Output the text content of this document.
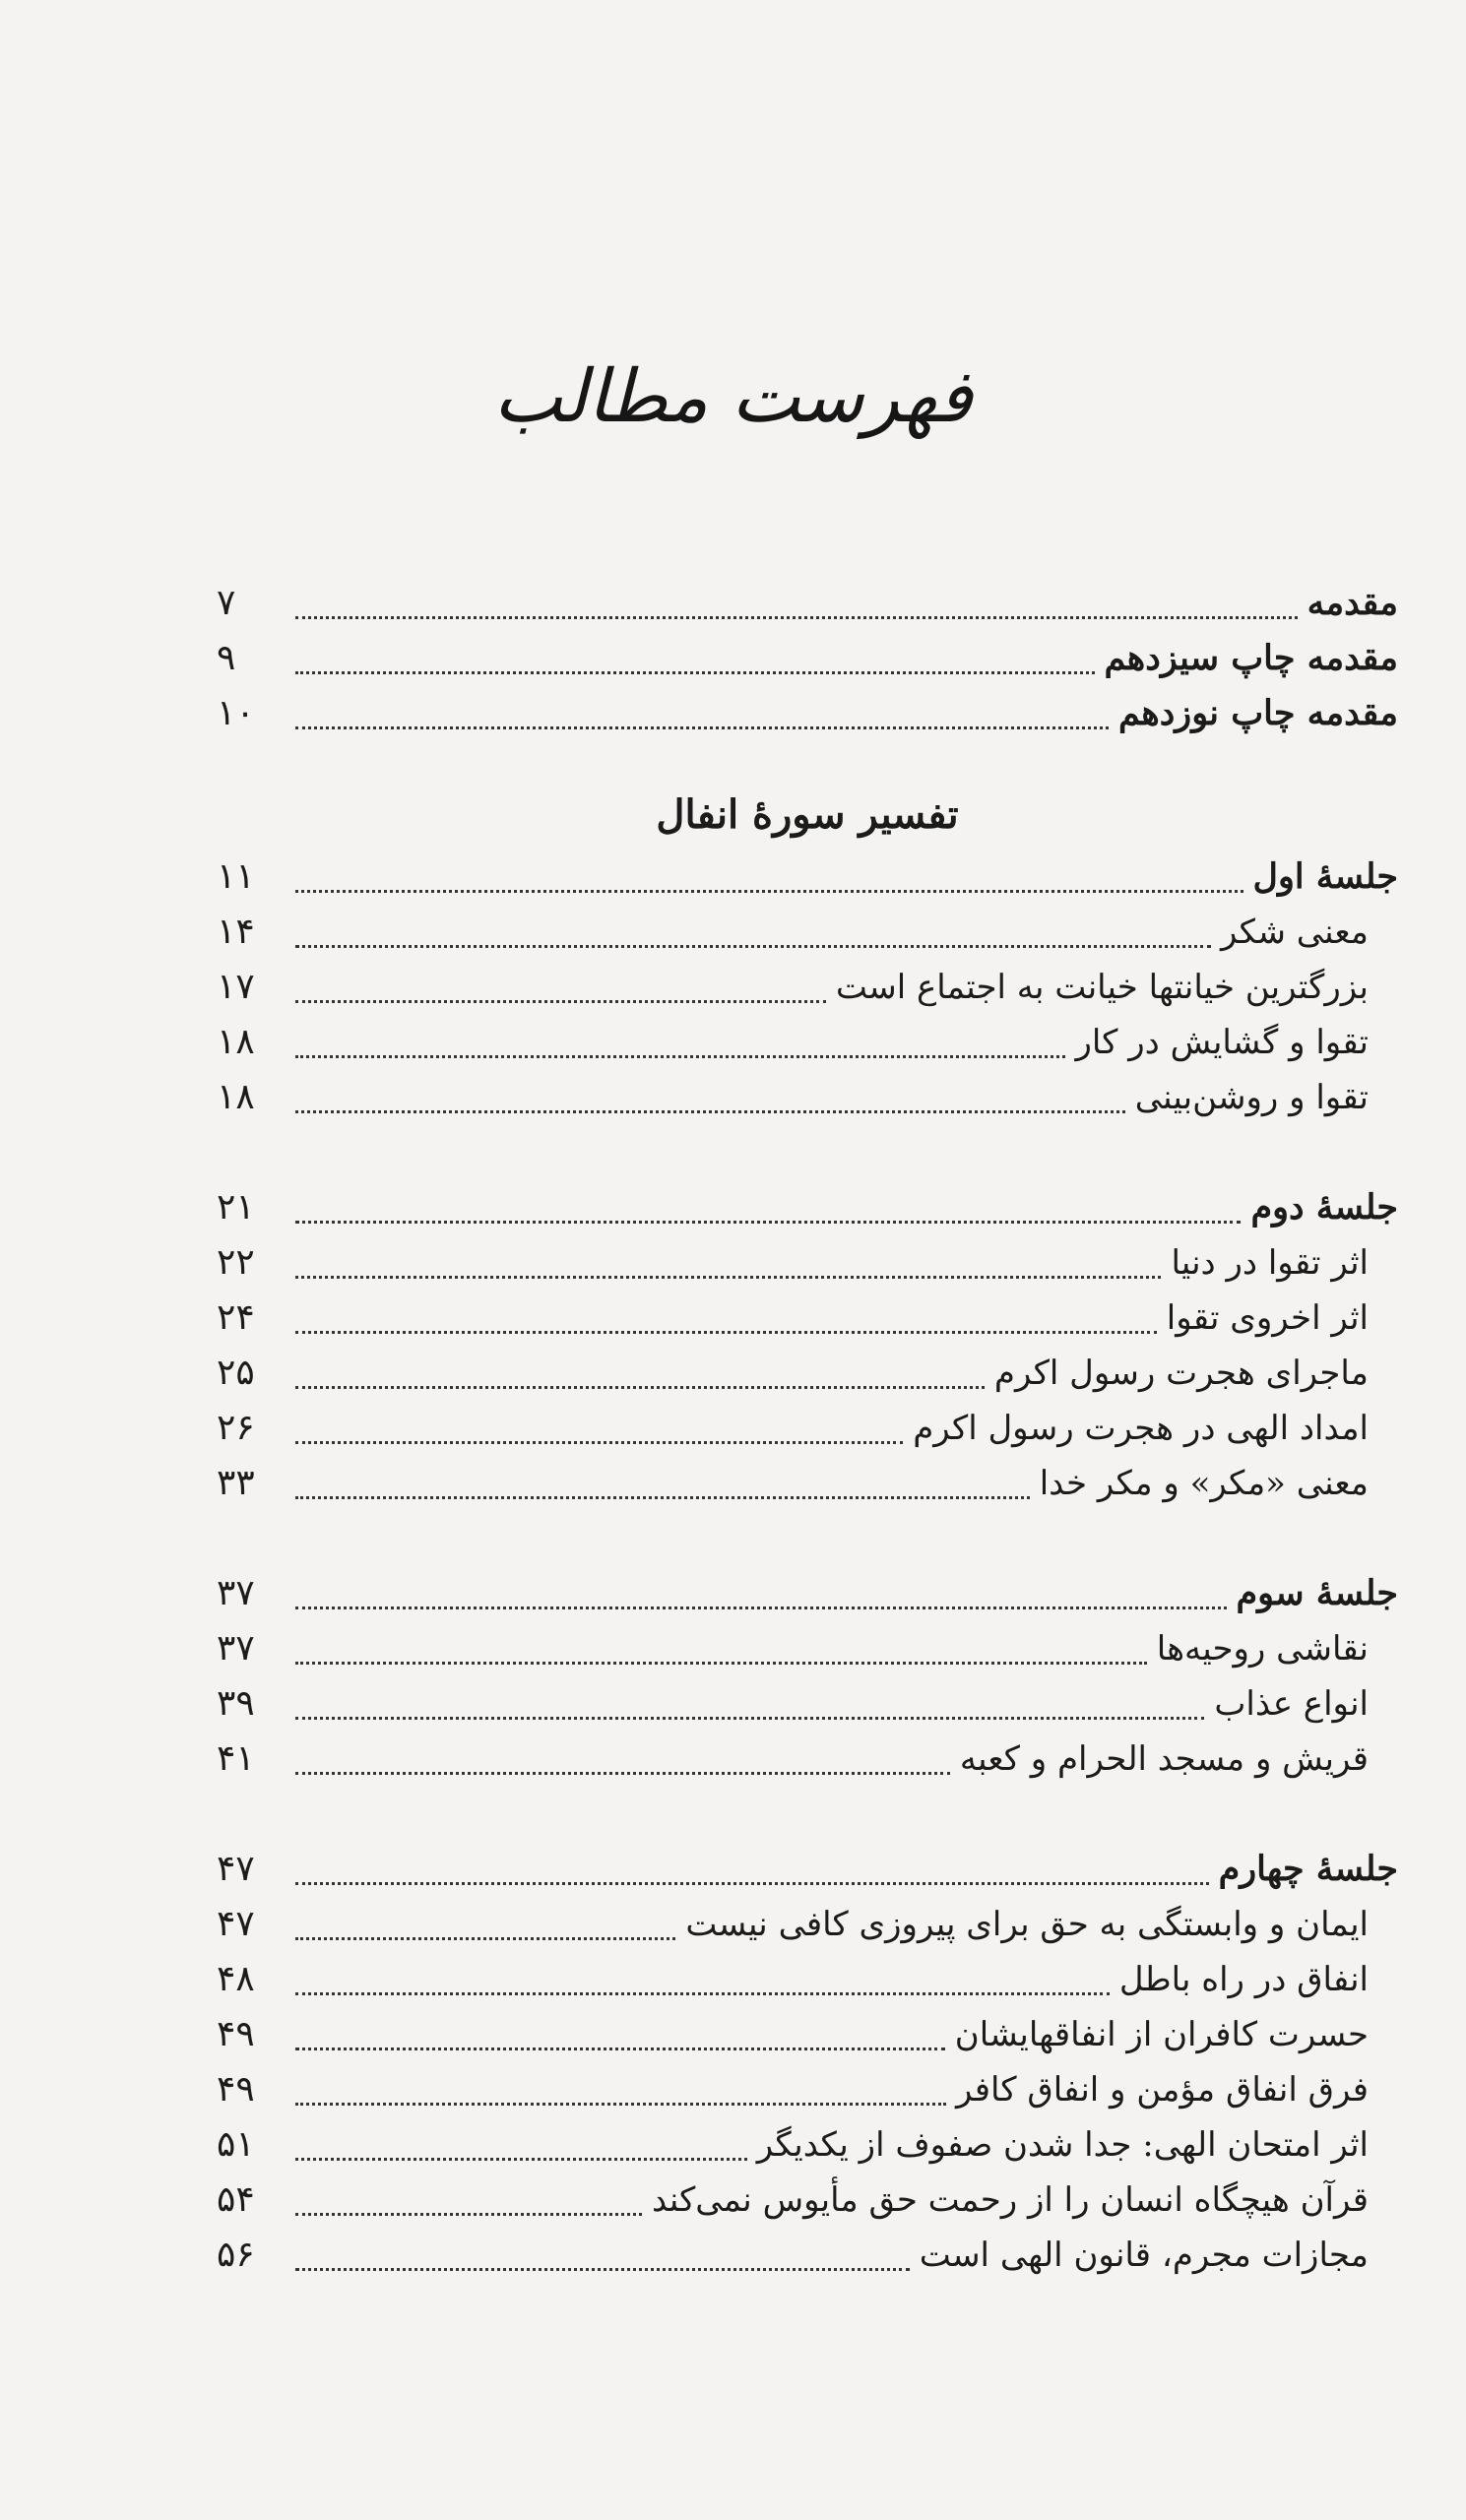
فهرست مطالب
مقدمه
۷
مقدمه چاپ سیزدهم
۹
مقدمه چاپ نوزدهم
۱۰
تفسیر سورهٔ انفال
جلسهٔ اول
۱۱
معنی شکر
۱۴
بزرگترین خیانتها خیانت به اجتماع است
۱۷
تقوا و گشایش در کار
۱۸
تقوا و روشن‌بینی
۱۸
جلسهٔ دوم
۲۱
اثر تقوا در دنیا
۲۲
اثر اخروی تقوا
۲۴
ماجرای هجرت رسول اکرم
۲۵
امداد الهی در هجرت رسول اکرم
۲۶
معنی «مکر» و مکر خدا
۳۳
جلسهٔ سوم
۳۷
نقاشی روحیه‌ها
۳۷
انواع عذاب
۳۹
قریش و مسجد الحرام و کعبه
۴۱
جلسهٔ چهارم
۴۷
ایمان و وابستگی به حق برای پیروزی کافی نیست
۴۷
انفاق در راه باطل
۴۸
حسرت کافران از انفاقهایشان
۴۹
فرق انفاق مؤمن و انفاق کافر
۴۹
اثر امتحان الهی: جدا شدن صفوف از یکدیگر
۵۱
قرآن هیچگاه انسان را از رحمت حق مأیوس نمی‌کند
۵۴
مجازات مجرم، قانون الهی است
۵۶
